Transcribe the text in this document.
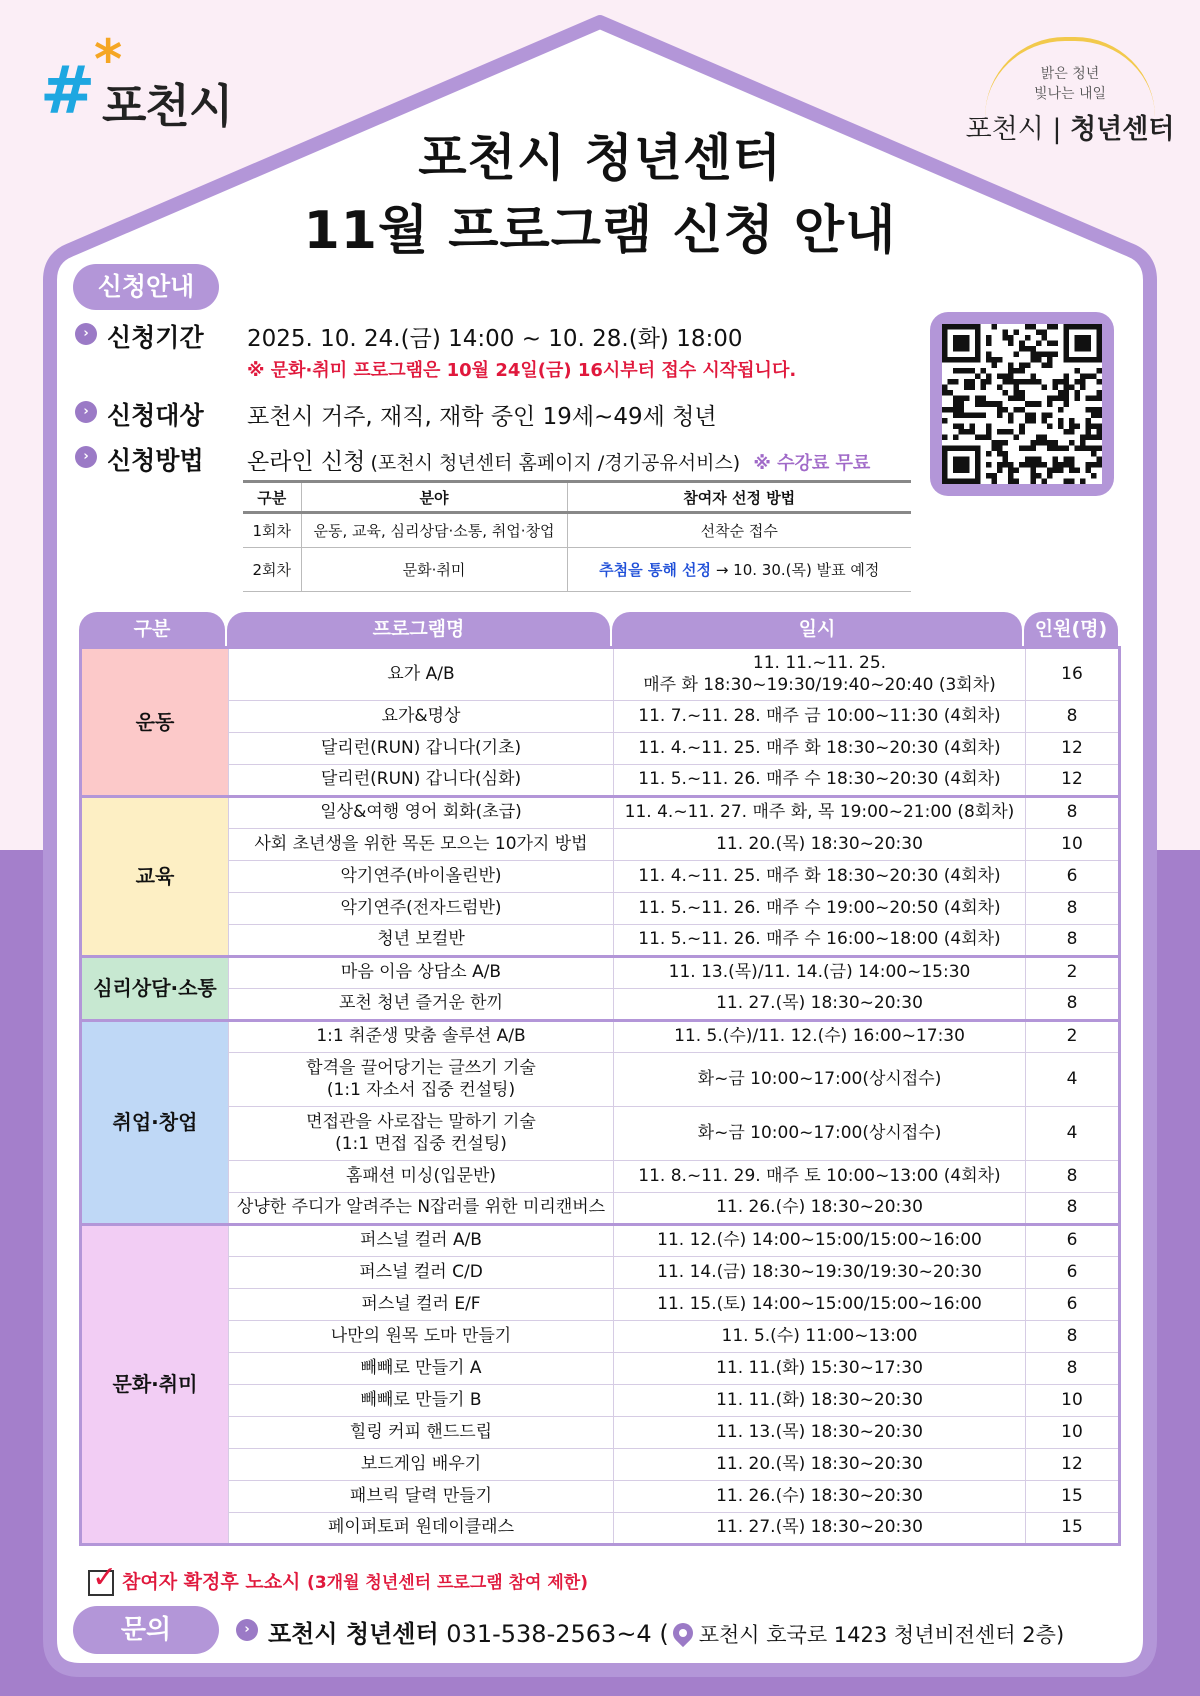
#
*
포천시
밝은 청년
빛나는 내일
포천시 | 청년센터
포천시 청년센터
11월 프로그램 신청 안내
신청안내
› 신청기간 2025. 10. 24.(금) 14:00 ~ 10. 28.(화) 18:00
※ 문화·취미 프로그램은 10월 24일(금) 16시부터 접수 시작됩니다.
› 신청대상 포천시 거주, 재직, 재학 중인 19세~49세 청년
› 신청방법 온라인 신청 (포천시 청년센터 홈페이지 /경기공유서비스) ※ 수강료 무료
구분	분야	참여자 선정 방법
1회차	운동, 교육, 심리상담·소통, 취업·창업	선착순 접수
2회차	문화·취미	추첨을 통해 선정 → 10. 30.(목) 발표 예정
구분	프로그램명	일시	인원(명)
운동	요가 A/B	11. 11.~11. 25.
매주 화 18:30~19:30/19:40~20:40 (3회차)	16
	요가&명상	11. 7.~11. 28. 매주 금 10:00~11:30 (4회차)	8
	달리런(RUN) 갑니다(기초)	11. 4.~11. 25. 매주 화 18:30~20:30 (4회차)	12
	달리런(RUN) 갑니다(심화)	11. 5.~11. 26. 매주 수 18:30~20:30 (4회차)	12
교육	일상&여행 영어 회화(초급)	11. 4.~11. 27. 매주 화, 목 19:00~21:00 (8회차)	8
	사회 초년생을 위한 목돈 모으는 10가지 방법	11. 20.(목) 18:30~20:30	10
	악기연주(바이올린반)	11. 4.~11. 25. 매주 화 18:30~20:30 (4회차)	6
	악기연주(전자드럼반)	11. 5.~11. 26. 매주 수 19:00~20:50 (4회차)	8
	청년 보컬반	11. 5.~11. 26. 매주 수 16:00~18:00 (4회차)	8
심리상담·소통	마음 이음 상담소 A/B	11. 13.(목)/11. 14.(금) 14:00~15:30	2
	포천 청년 즐거운 한끼	11. 27.(목) 18:30~20:30	8
취업·창업	1:1 취준생 맞춤 솔루션 A/B	11. 5.(수)/11. 12.(수) 16:00~17:30	2

	합격을 끌어당기는 글쓰기 기술
(1:1 자소서 집중 컨설팅)	화~금 10:00~17:00(상시접수)	4

	면접관을 사로잡는 말하기 기술
(1:1 면접 집중 컨설팅)	화~금 10:00~17:00(상시접수)	4
	홈패션 미싱(입문반)	11. 8.~11. 29. 매주 토 10:00~13:00 (4회차)	8
	상냥한 주디가 알려주는 N잡러를 위한 미리캔버스	11. 26.(수) 18:30~20:30	8
문화·취미	퍼스널 컬러 A/B	11. 12.(수) 14:00~15:00/15:00~16:00	6
	퍼스널 컬러 C/D	11. 14.(금) 18:30~19:30/19:30~20:30	6
	퍼스널 컬러 E/F	11. 15.(토) 14:00~15:00/15:00~16:00	6
	나만의 원목 도마 만들기	11. 5.(수) 11:00~13:00	8
	빼빼로 만들기 A	11. 11.(화) 15:30~17:30	8
	빼빼로 만들기 B	11. 11.(화) 18:30~20:30	10
	힐링 커피 핸드드립	11. 13.(목) 18:30~20:30	10
	보드게임 배우기	11. 20.(목) 18:30~20:30	12
	패브릭 달력 만들기	11. 26.(수) 18:30~20:30	15
	페이퍼토퍼 원데이클래스	11. 27.(목) 18:30~20:30	15
✓ 참여자 확정후 노쇼시 (3개월 청년센터 프로그램 참여 제한)
문의	› 포천시 청년센터 031-538-2563~4 ( 포천시 호국로 1423 청년비전센터 2층)
